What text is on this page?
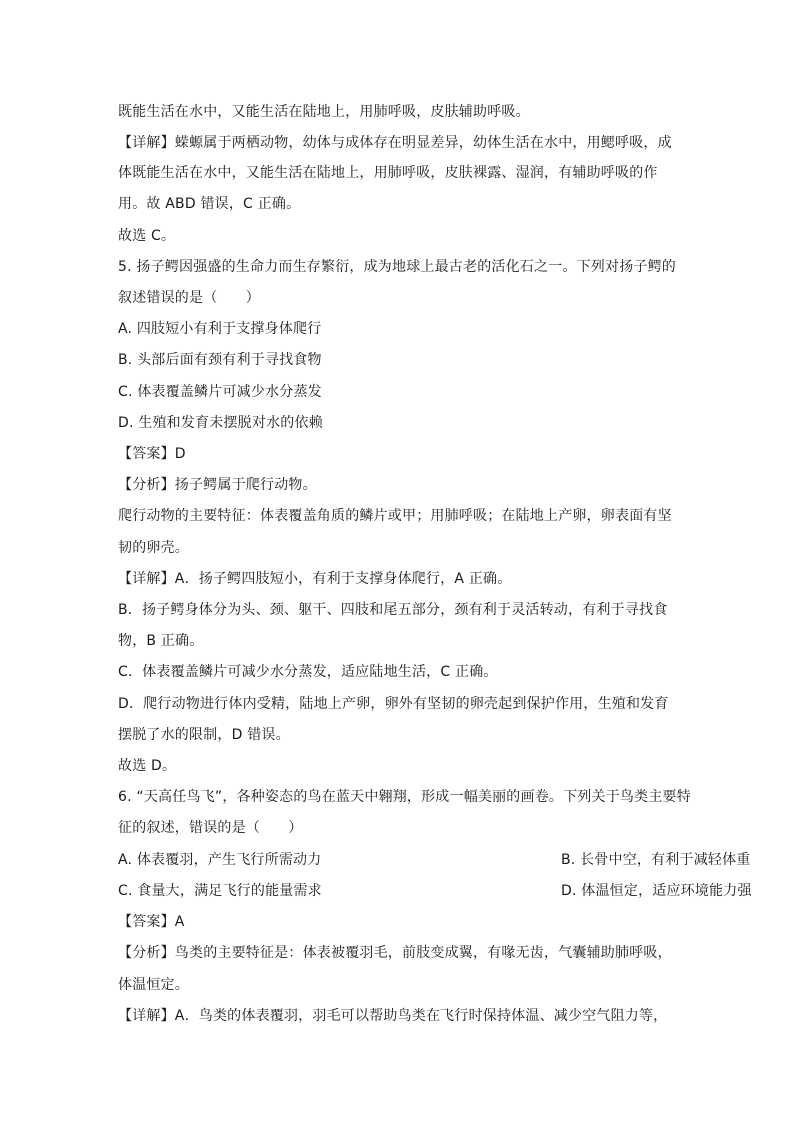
既能生活在水中，又能生活在陆地上，用肺呼吸，皮肤辅助呼吸。
【详解】蝾螈属于两栖动物，幼体与成体存在明显差异，幼体生活在水中，用鳃呼吸，成
体既能生活在水中，又能生活在陆地上，用肺呼吸，皮肤裸露、湿润，有辅助呼吸的作
用。故 ABD 错误，C 正确。
故选 C。
5. 扬子鳄因强盛的生命力而生存繁衍，成为地球上最古老的活化石之一。下列对扬子鳄的
叙述错误的是（　　）
A. 四肢短小有利于支撑身体爬行
B. 头部后面有颈有利于寻找食物
C. 体表覆盖鳞片可减少水分蒸发
D. 生殖和发育未摆脱对水的依赖
【答案】D
【分析】扬子鳄属于爬行动物。
爬行动物的主要特征：体表覆盖角质的鳞片或甲；用肺呼吸；在陆地上产卵，卵表面有坚
韧的卵壳。
【详解】A．扬子鳄四肢短小，有利于支撑身体爬行，A 正确。
B．扬子鳄身体分为头、颈、躯干、四肢和尾五部分，颈有利于灵活转动，有利于寻找食
物，B 正确。
C．体表覆盖鳞片可减少水分蒸发，适应陆地生活，C 正确。
D．爬行动物进行体内受精，陆地上产卵，卵外有坚韧的卵壳起到保护作用，生殖和发育
摆脱了水的限制，D 错误。
故选 D。
6. “天高任鸟飞”，各种姿态的鸟在蓝天中翱翔，形成一幅美丽的画卷。下列关于鸟类主要特
征的叙述，错误的是（　　）
A. 体表覆羽，产生飞行所需动力	B. 长骨中空，有利于减轻体重
C. 食量大，满足飞行的能量需求	D. 体温恒定，适应环境能力强
【答案】A
【分析】鸟类的主要特征是：体表被覆羽毛，前肢变成翼，有喙无齿，气囊辅助肺呼吸，
体温恒定。
【详解】A．鸟类的体表覆羽，羽毛可以帮助鸟类在飞行时保持体温、减少空气阻力等，
